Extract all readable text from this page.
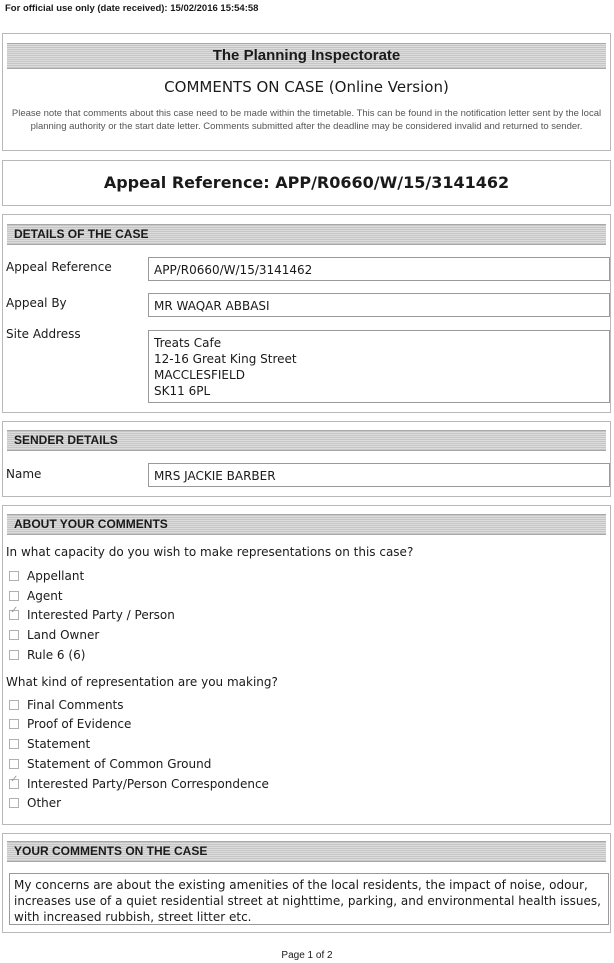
For official use only (date received): 15/02/2016 15:54:58
The Planning Inspectorate
COMMENTS ON CASE (Online Version)
Please note that comments about this case need to be made within the timetable. This can be found in the notification letter sent by the local planning authority or the start date letter. Comments submitted after the deadline may be considered invalid and returned to sender.
Appeal Reference: APP/R0660/W/15/3141462
DETAILS OF THE CASE
Appeal Reference	APP/R0660/W/15/3141462
Appeal By	MR WAQAR ABBASI
Site Address
Treats Cafe
12-16 Great King Street
MACCLESFIELD
SK11 6PL
SENDER DETAILS
Name	MRS JACKIE BARBER
ABOUT YOUR COMMENTS
In what capacity do you wish to make representations on this case?
Appellant
Agent
✓Interested Party / Person
Land Owner
Rule 6 (6)
What kind of representation are you making?
Final Comments
Proof of Evidence
Statement
Statement of Common Ground
✓Interested Party/Person Correspondence
Other
YOUR COMMENTS ON THE CASE
My concerns are about the existing amenities of the local residents, the impact of noise, odour, increases use of a quiet residential street at nighttime, parking, and environmental health issues, with increased rubbish, street litter etc.
Page 1 of 2
